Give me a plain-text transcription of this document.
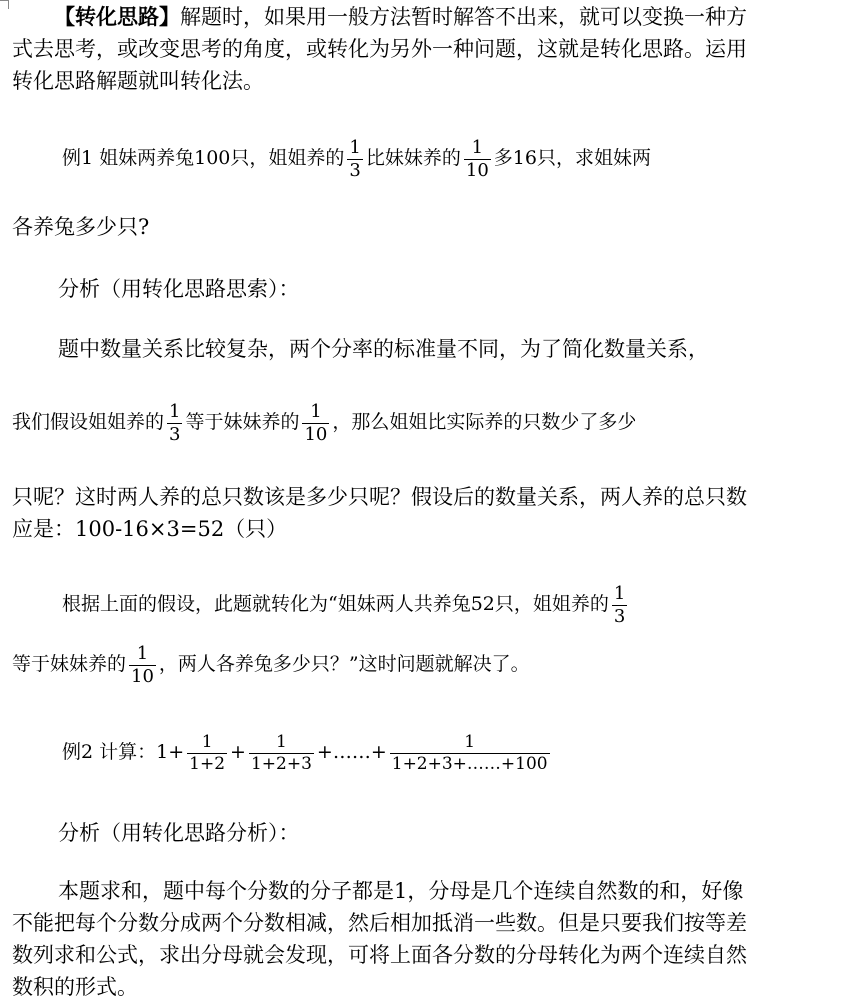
【转化思路】解题时，如果用一般方法暂时解答不出来，就可以变换一种方
式去思考，或改变思考的角度，或转化为另外一种问题，这就是转化思路。运用
转化思路解题就叫转化法。
例1 姐妹两养兔100只，姐姐养的 $\frac{1}{3}$ 比妹妹养的 $\frac{1}{10}$ 多16只，求姐妹两
各养兔多少只?
分析（用转化思路思索）：
题中数量关系比较复杂，两个分率的标准量不同，为了简化数量关系，
我们假设姐姐养的 $\frac{1}{3}$ 等于妹妹养的 $\frac{1}{10}$ ，那么姐姐比实际养的只数少了多少
只呢？这时两人养的总只数该是多少只呢？假设后的数量关系，两人养的总只数
应是：100-16×3=52（只）
根据上面的假设，此题就转化为“姐妹两人共养兔52只，姐姐养的 $\frac{1}{3}$
等于妹妹养的 $\frac{1}{10}$ ，两人各养兔多少只？”这时问题就解决了。
例2 计算：$1+ \frac{1}{1+2} + \frac{1}{1+2+3}$ +……+ $\frac{1}{1+2+3+\dots\dots+100}$
分析（用转化思路分析）：
本题求和，题中每个分数的分子都是1，分母是几个连续自然数的和，好像
不能把每个分数分成两个分数相减，然后相加抵消一些数。但是只要我们按等差
数列求和公式，求出分母就会发现，可将上面各分数的分母转化为两个连续自然
数积的形式。
